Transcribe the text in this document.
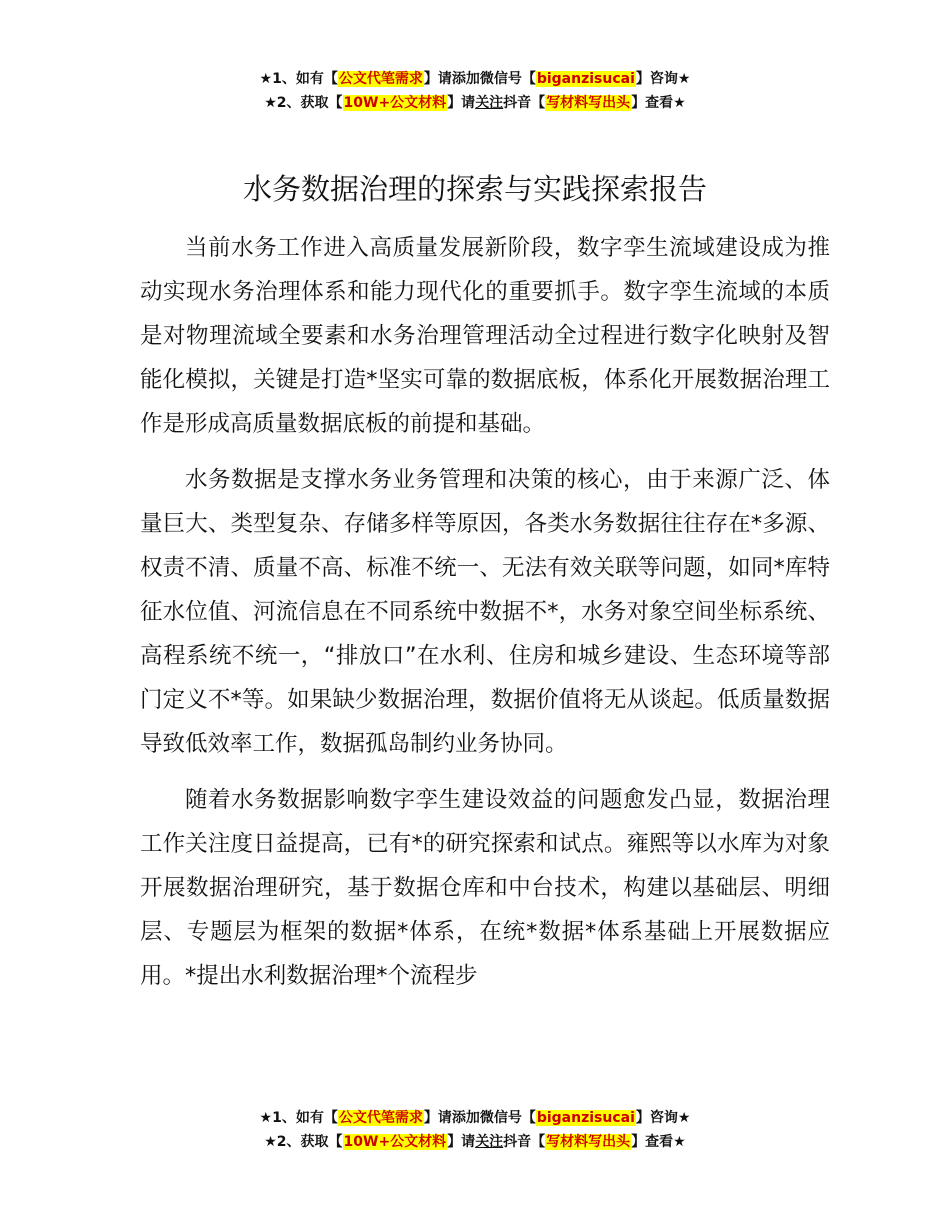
★1、如有【公文代笔需求】请添加微信号【biganzisucai】咨询★
★2、获取【10W+公文材料】请关注抖音【写材料写出头】查看★
水务数据治理的探索与实践探索报告

当前水务工作进入高质量发展新阶段，数字孪生流域建设成为推动实现水务治理体系和能力现代化的重要抓手。数字孪生流域的本质是对物理流域全要素和水务治理管理活动全过程进行数字化映射及智能化模拟，关键是打造*坚实可靠的数据底板，体系化开展数据治理工作是形成高质量数据底板的前提和基础。

水务数据是支撑水务业务管理和决策的核心，由于来源广泛、体量巨大、类型复杂、存储多样等原因，各类水务数据往往存在*多源、权责不清、质量不高、标准不统一、无法有效关联等问题，如同*库特征水位值、河流信息在不同系统中数据不*，水务对象空间坐标系统、高程系统不统一，“排放口”在水利、住房和城乡建设、生态环境等部门定义不*等。如果缺少数据治理，数据价值将无从谈起。低质量数据导致低效率工作，数据孤岛制约业务协同。

随着水务数据影响数字孪生建设效益的问题愈发凸显，数据治理工作关注度日益提高，已有*的研究探索和试点。雍熙等以水库为对象开展数据治理研究，基于数据仓库和中台技术，构建以基础层、明细层、专题层为框架的数据*体系，在统*数据*体系基础上开展数据应用。*提出水利数据治理*个流程步

★1、如有【公文代笔需求】请添加微信号【biganzisucai】咨询★
★2、获取【10W+公文材料】请关注抖音【写材料写出头】查看★
